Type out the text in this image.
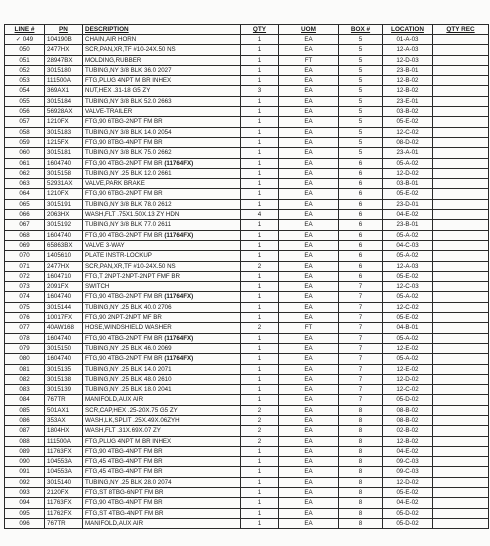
LINE #	PN	DESCRIPTION	QTY	UOM	BOX #	LOCATION	QTY REC
✓ 049	104190B	CHAIN,AIR HORN	1	EA	5	01-A-03	
050	2477HX	SCR,PAN,XR,TF #10-24X.50 NS	1	EA	5	12-A-03	
051	28947BX	MOLDING,RUBBER	1	FT	5	12-D-03	
052	3015180	TUBING,NY 3/8 BLK 36.0 2027	1	EA	5	23-B-01	
053	111500A	FTG,PLUG 4NPT M BR INHEX	1	EA	5	12-B-02	
054	369AX1	NUT,HEX .31-18 G5 ZY	3	EA	5	12-B-02	
055	3015184	TUBING,NY 3/8 BLK 52.0 2663	1	EA	5	23-E-01	
056	56928AX	VALVE-TRAILER	1	EA	5	03-B-02	
057	1210FX	FTG,90 6TBG-2NPT FM BR	1	EA	5	05-E-02	
058	3015183	TUBING,NY 3/8 BLK 14.0 2054	1	EA	5	12-C-02	
059	1215FX	FTG,90 8TBG-4NPT FM BR	1	EA	5	08-D-02	
060	3015181	TUBING,NY 3/8 BLK 75.0 2662	1	EA	5	23-A-01	
061	1604740	FTG,90 4TBG-2NPT FM BR (11764FX)	1	EA	6	05-A-02	
062	3015158	TUBING,NY .25 BLK 12.0 2661	1	EA	6	12-D-02	
063	52931AX	VALVE,PARK BRAKE	1	EA	6	03-B-01	
064	1210FX	FTG,90 6TBG-2NPT FM BR	1	EA	6	05-E-02	
065	3015191	TUBING,NY 3/8 BLK 78.0 2612	1	EA	6	23-D-01	
066	2063HX	WASH,FLT .75X1.50X.13 ZY HDN	4	EA	6	04-E-02	
067	3015192	TUBING,NY 3/8 BLK 77.0 2611	1	EA	6	23-B-01	
068	1604740	FTG,90 4TBG-2NPT FM BR (11764FX)	1	EA	6	05-A-02	
069	65863BX	VALVE 3-WAY	1	EA	6	04-C-03	
070	1405610	PLATE INSTR-LOCKUP	1	EA	6	05-A-02	
071	2477HX	SCR,PAN,XR,TF #10-24X.50 NS	2	EA	6	12-A-03	
072	1604710	FTG,T 2NPT-2NPT-2NPT FMF BR	1	EA	6	05-E-02	
073	2091FX	SWITCH	1	EA	7	12-C-03	
074	1604740	FTG,90 4TBG-2NPT FM BR (11764FX)	1	EA	7	05-A-02	
075	3015144	TUBING,NY .25 BLK 40.0 2706	1	EA	7	12-C-02	
076	10017FX	FTG,90 2NPT-2NPT MF BR	1	EA	7	05-E-02	
077	40AW168	HOSE,WINDSHIELD WASHER	2	FT	7	04-B-01	
078	1604740	FTG,90 4TBG-2NPT FM BR (11764FX)	1	EA	7	05-A-02	
079	3015150	TUBING,NY .25 BLK 46.0 2069	1	EA	7	12-E-02	
080	1604740	FTG,90 4TBG-2NPT FM BR (11764FX)	1	EA	7	05-A-02	
081	3015135	TUBING,NY .25 BLK 14.0 2071	1	EA	7	12-E-02	
082	3015138	TUBING,NY .25 BLK 48.0 2610	1	EA	7	12-D-02	
083	3015139	TUBING,NY .25 BLK 18.0 2041	1	EA	7	12-C-02	
084	767TR	MANIFOLD,AUX AIR	1	EA	7	05-D-02	
085	501AX1	SCR,CAP,HEX .25-20X.75 G5 ZY	2	EA	8	08-B-02	
086	353AX	WASH,LK,SPLIT .25X.49X.06ZYH	2	EA	8	08-B-02	
087	1804HX	WASH,FLT .31X.69X.07 ZY	2	EA	8	02-B-02	
088	111500A	FTG,PLUG 4NPT M BR INHEX	2	EA	8	12-B-02	
089	11763FX	FTG,90 4TBG-4NPT FM BR	1	EA	8	04-E-02	
090	104553A	FTG,45 4TBG-4NPT FM BR	1	EA	8	09-C-03	
091	104553A	FTG,45 4TBG-4NPT FM BR	1	EA	8	09-C-03	
092	3015140	TUBING,NY .25 BLK 28.0 2074	1	EA	8	12-D-02	
093	2120FX	FTG,ST 8TBG-6NPT FM BR	1	EA	8	05-E-02	
094	11763FX	FTG,90 4TBG-4NPT FM BR	1	EA	8	04-E-02	
095	11762FX	FTG,ST 4TBG-4NPT FM BR	1	EA	8	05-D-02	
096	767TR	MANIFOLD,AUX AIR	1	EA	8	05-D-02	
